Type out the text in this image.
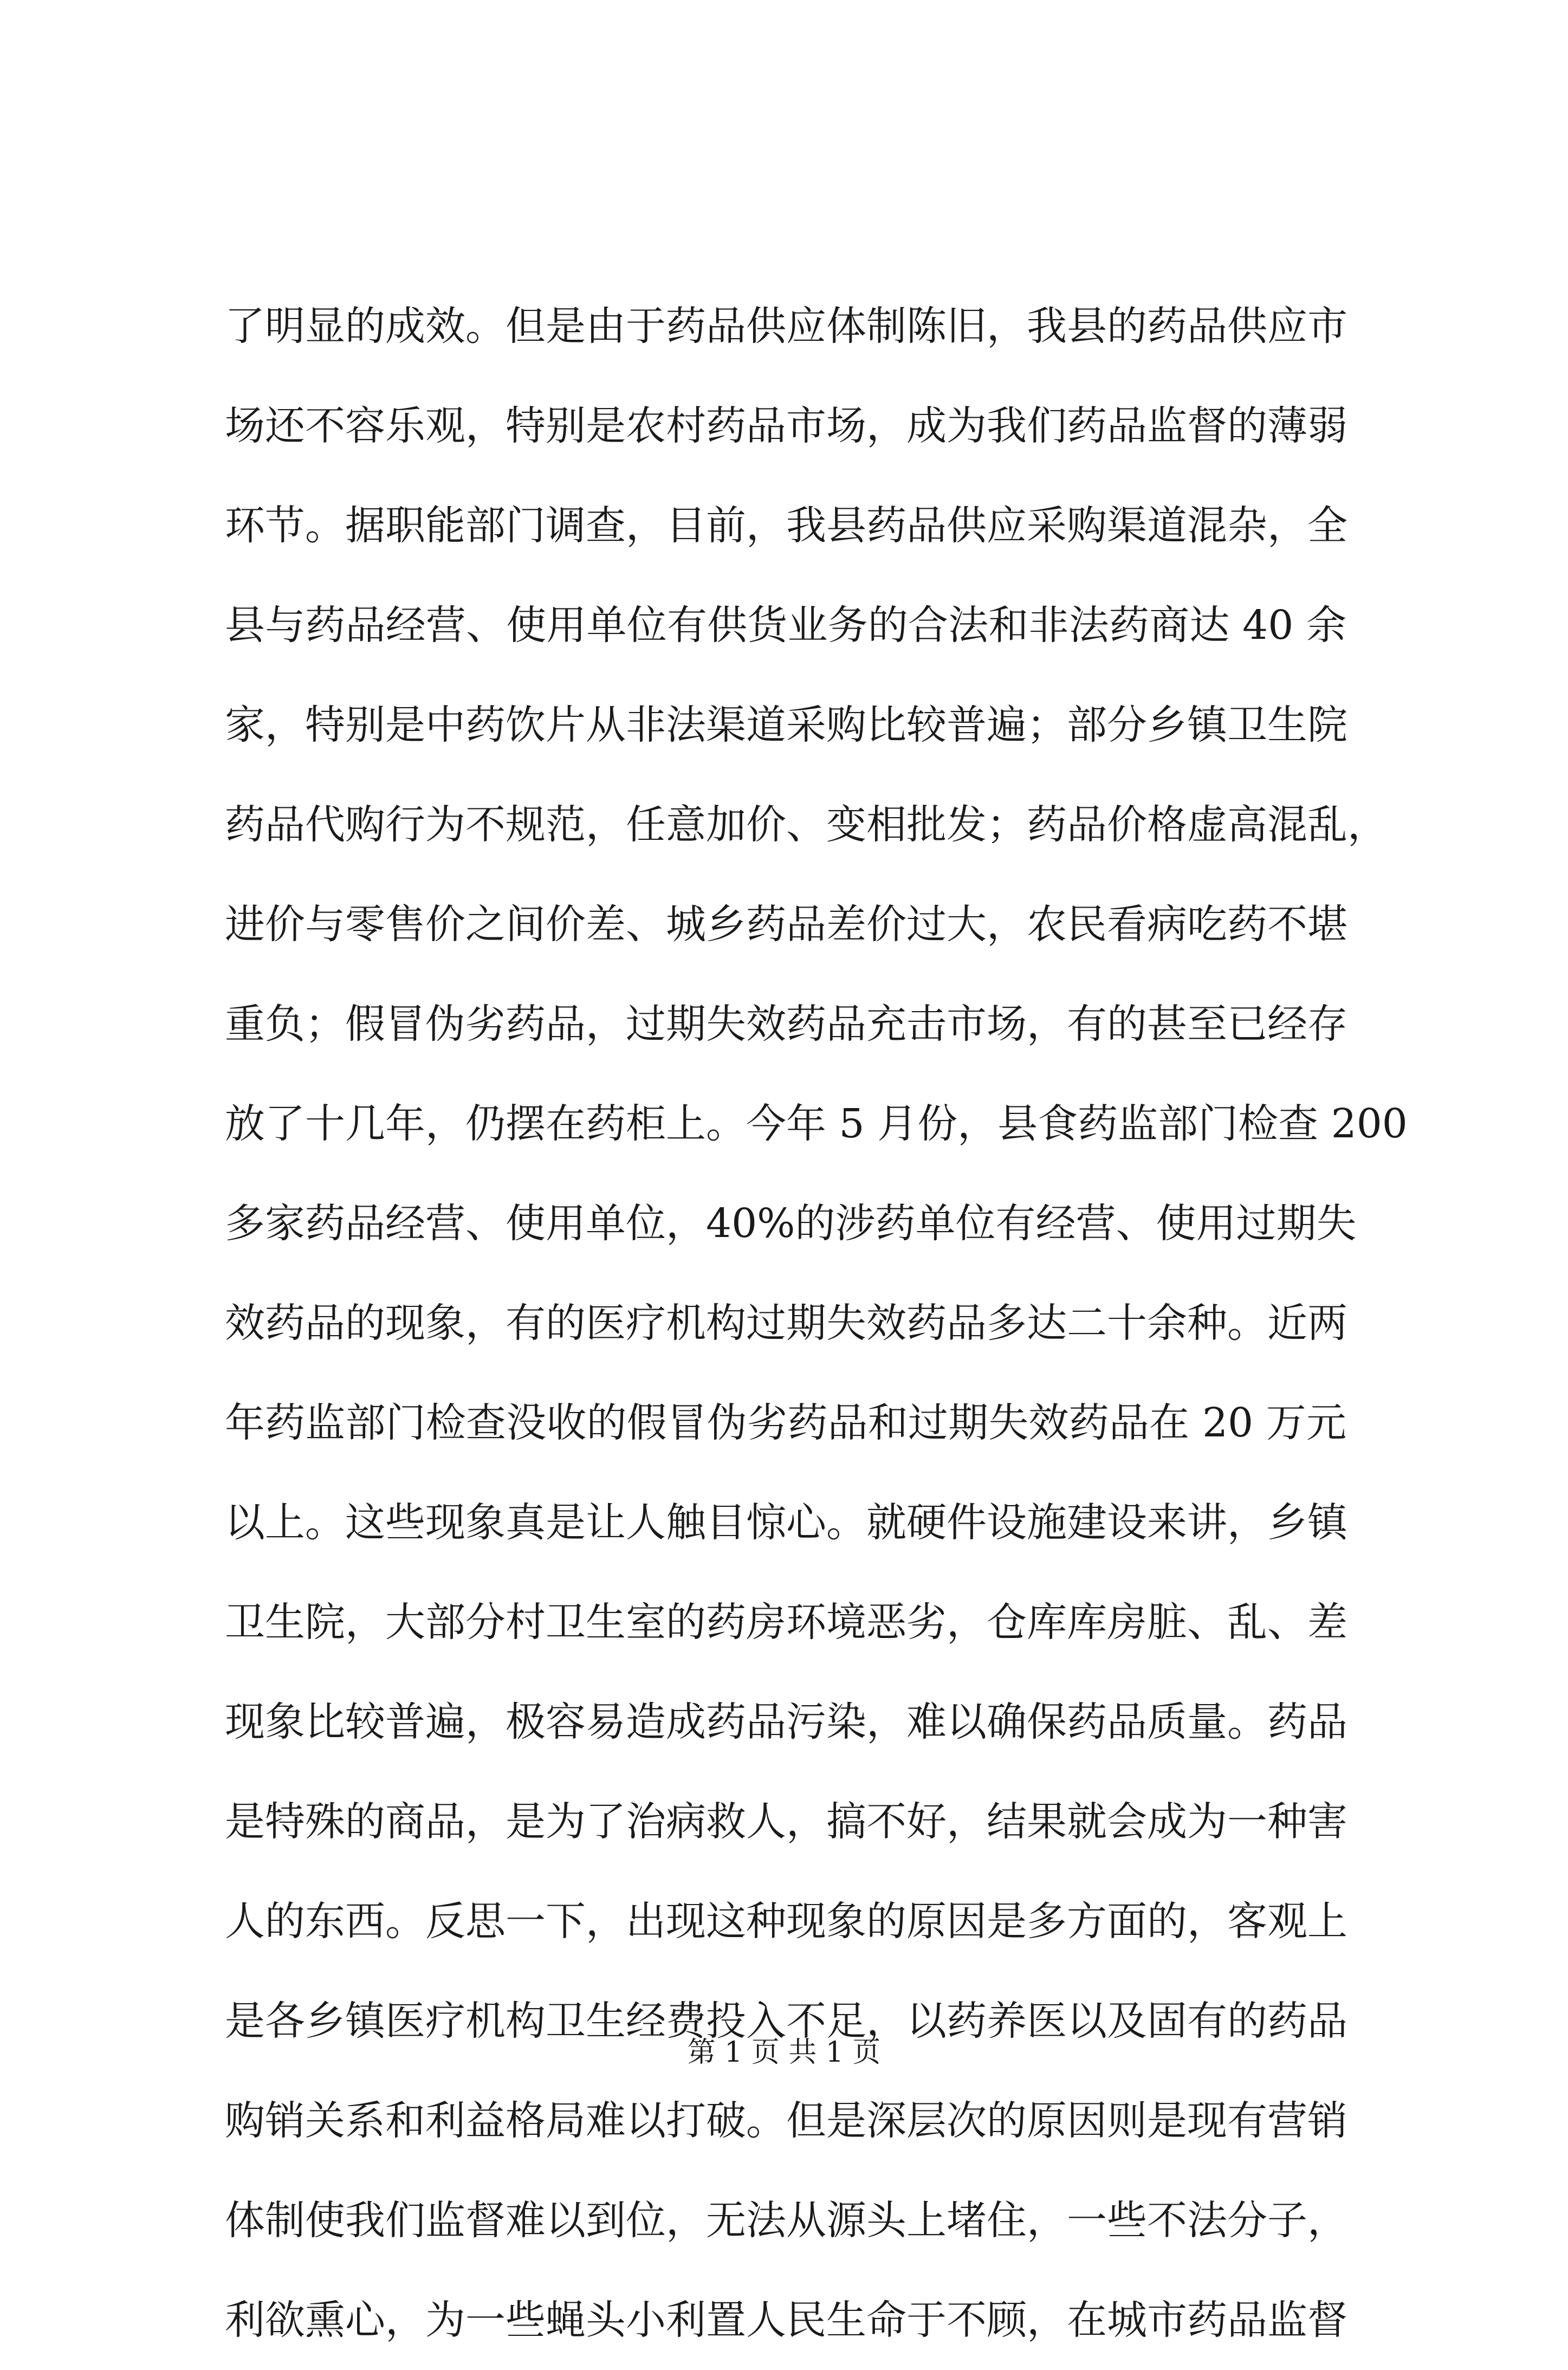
了明显的成效。但是由于药品供应体制陈旧，我县的药品供应市
场还不容乐观，特别是农村药品市场，成为我们药品监督的薄弱
环节。据职能部门调查，目前，我县药品供应采购渠道混杂，全
县与药品经营、使用单位有供货业务的合法和非法药商达 40 余
家，特别是中药饮片从非法渠道采购比较普遍；部分乡镇卫生院
药品代购行为不规范，任意加价、变相批发；药品价格虚高混乱，
进价与零售价之间价差、城乡药品差价过大，农民看病吃药不堪
重负；假冒伪劣药品，过期失效药品充击市场，有的甚至已经存
放了十几年，仍摆在药柜上。今年 5 月份，县食药监部门检查 200
多家药品经营、使用单位，40%的涉药单位有经营、使用过期失
效药品的现象，有的医疗机构过期失效药品多达二十余种。近两
年药监部门检查没收的假冒伪劣药品和过期失效药品在 20 万元
以上。这些现象真是让人触目惊心。就硬件设施建设来讲，乡镇
卫生院，大部分村卫生室的药房环境恶劣，仓库库房脏、乱、差
现象比较普遍，极容易造成药品污染，难以确保药品质量。药品
是特殊的商品，是为了治病救人，搞不好，结果就会成为一种害
人的东西。反思一下，出现这种现象的原因是多方面的，客观上
是各乡镇医疗机构卫生经费投入不足，以药养医以及固有的药品
购销关系和利益格局难以打破。但是深层次的原因则是现有营销
体制使我们监督难以到位，无法从源头上堵住，一些不法分子，
利欲熏心，为一些蝇头小利置人民生命于不顾，在城市药品监督
第 1 页 共 1 页
